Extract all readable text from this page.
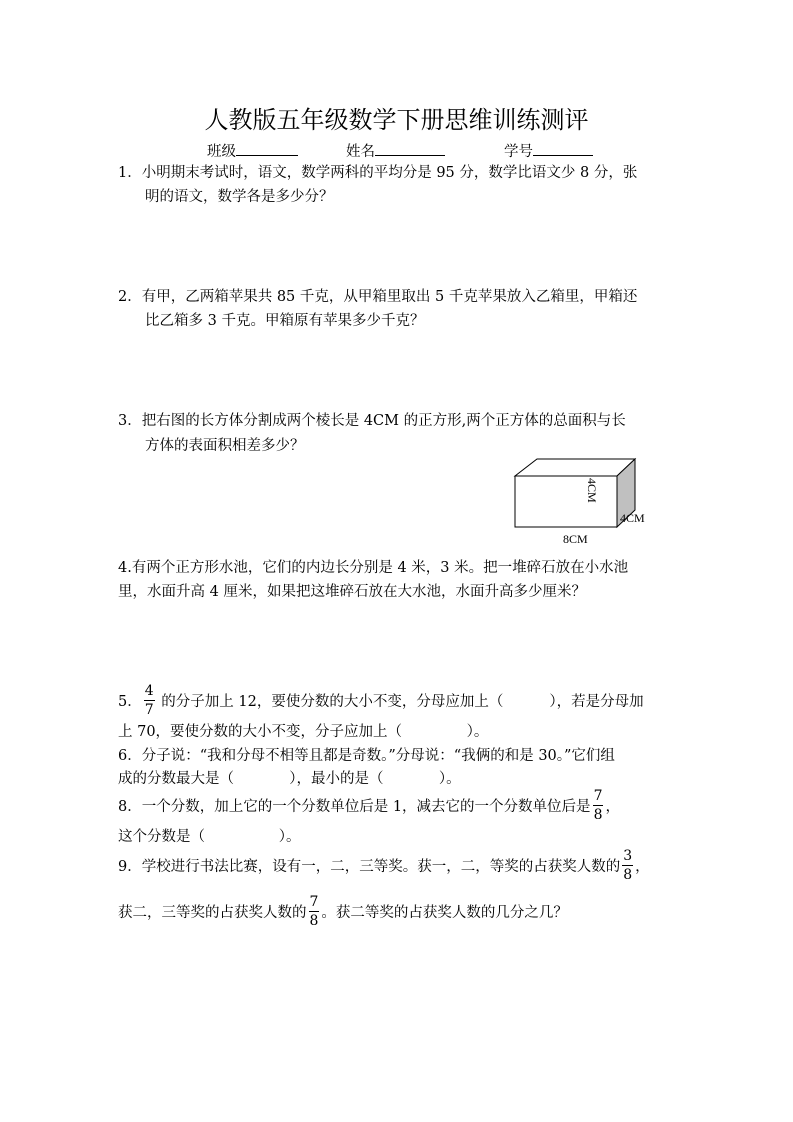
人教版五年级数学下册思维训练测评
班级	姓名	学号
1．小明期末考试时，语文，数学两科的平均分是 95 分，数学比语文少 8 分，张
明的语文，数学各是多少分？
2．有甲，乙两箱苹果共 85 千克，从甲箱里取出 5 千克苹果放入乙箱里，甲箱还
比乙箱多 3 千克。甲箱原有苹果多少千克？
3．把右图的长方体分割成两个棱长是 4CM 的正方形,两个正方体的总面积与长
方体的表面积相差多少？
4CM
4CM
8CM
4.有两个正方形水池，它们的内边长分别是 4 米，3 米。把一堆碎石放在小水池
里，水面升高 4 厘米，如果把这堆碎石放在大水池，水面升高多少厘米？
5． $\frac{4}{7}$ 的分子加上 12，要使分数的大小不变，分母应加上（          ），若是分母加
上 70，要使分数的大小不变，分子应加上（              ）。
6．分子说：“我和分母不相等且都是奇数。”分母说：“我俩的和是 30。”它们组
成的分数最大是（            ），最小的是（            ）。
8．一个分数，加上它的一个分数单位后是 1，减去它的一个分数单位后是 $\frac{7}{8}$ ，
这个分数是（                ）。
9．学校进行书法比赛，设有一，二，三等奖。获一，二，等奖的占获奖人数的 $\frac{3}{8}$ ，
获二，三等奖的占获奖人数的 $\frac{7}{8}$ 。获二等奖的占获奖人数的几分之几？
